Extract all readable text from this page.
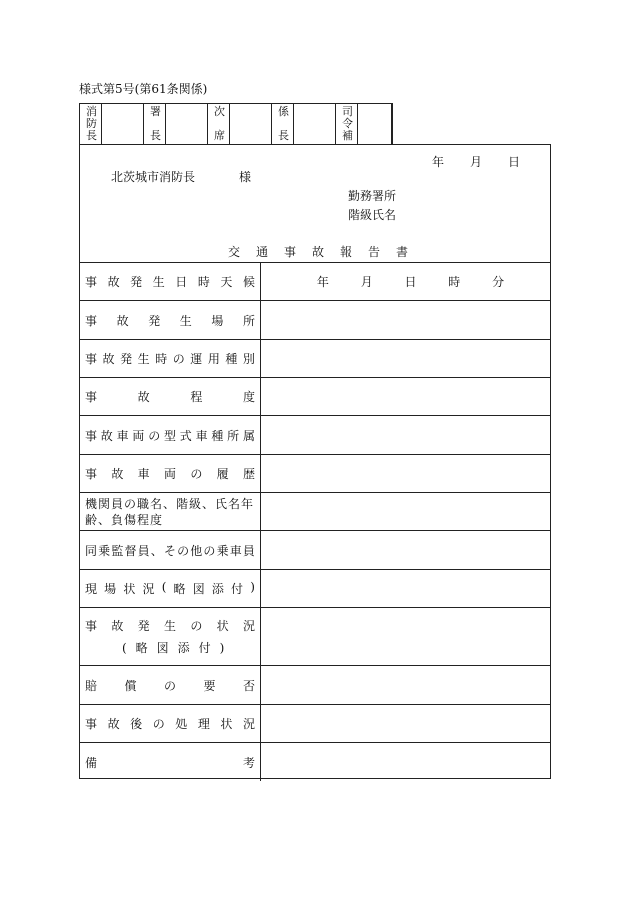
様式第5号(第61条関係)
消
防
長
署
長
次
席
係
長
司
令
補
年 月 日
北茨城市消防長	様
勤務署所
階級氏名
交通事故報告書
事 故 発 生 日 時 天 候	年	月	日	時	分
事 故 発 生 場 所
事 故 発 生 時 の 運 用 種 別
事	故	程	度
事 故 車 両 の 型 式 車 種 所 属
事 故 車 両 の 履 歴
機関員の職名、階級、氏名年
齢、負傷程度
同 乗 監 督 員 、 そ の 他 の 乗 車 員
現 場 状 況 ( 略 図 添 付 )
事 故 発 生 の 状 況
(略図添付)
賠 償 の 要 否
事 故 後 の 処 理 状 況
備	考
